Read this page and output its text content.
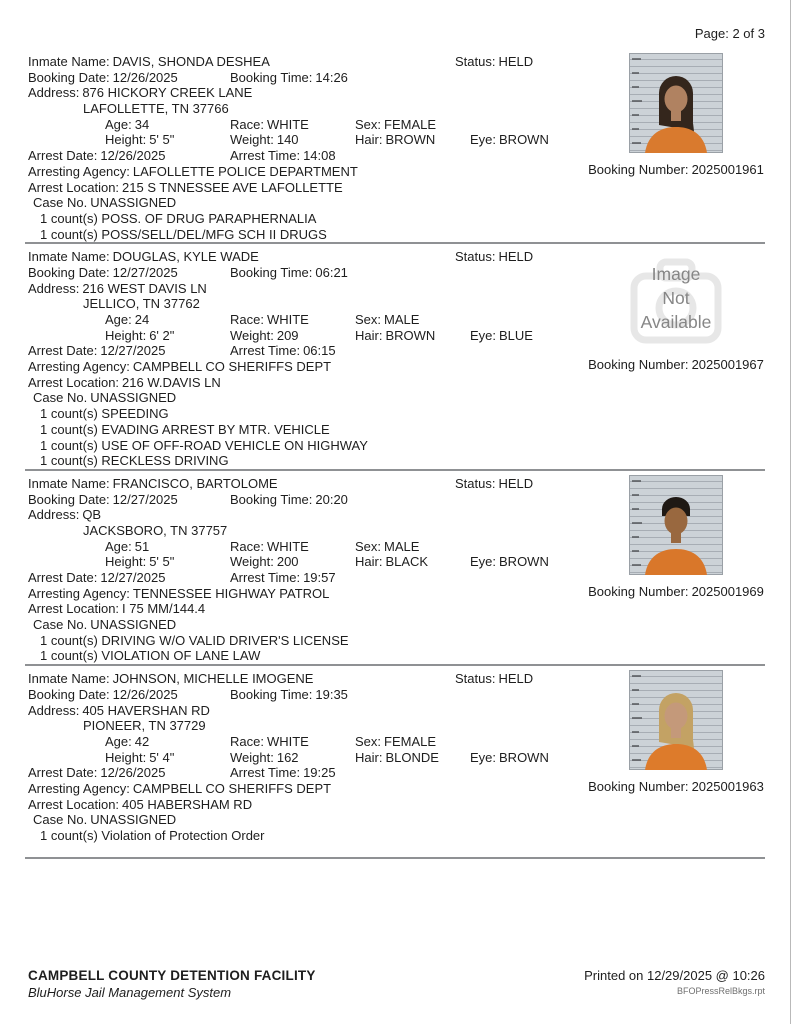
Page: 2 of 3
Inmate Name: DAVIS, SHONDA DESHEA	Status: HELD
Booking Date: 12/26/2025	Booking Time: 14:26
Address: 876 HICKORY CREEK LANE
LAFOLLETTE, TN 37766
Age: 34	Race: WHITE	Sex: FEMALE
Height: 5' 5"	Weight: 140	Hair: BROWN	Eye: BROWN
Arrest Date: 12/26/2025	Arrest Time: 14:08
Arresting Agency: LAFOLLETTE POLICE DEPARTMENT
Arrest Location: 215 S TNNESSEE AVE LAFOLLETTE
Case No. UNASSIGNED
1 count(s) POSS. OF DRUG PARAPHERNALIA
1 count(s) POSS/SELL/DEL/MFG SCH II DRUGS
Booking Number: 2025001961
Inmate Name: DOUGLAS, KYLE WADE	Status: HELD
Booking Date: 12/27/2025	Booking Time: 06:21
Address: 216 WEST DAVIS LN
JELLICO, TN 37762
Age: 24	Race: WHITE	Sex: MALE
Height: 6' 2"	Weight: 209	Hair: BROWN	Eye: BLUE
Arrest Date: 12/27/2025	Arrest Time: 06:15
Arresting Agency: CAMPBELL CO SHERIFFS DEPT
Arrest Location: 216 W.DAVIS LN
Case No. UNASSIGNED
1 count(s) SPEEDING
1 count(s) EVADING ARREST BY MTR. VEHICLE
1 count(s) USE OF OFF-ROAD VEHICLE ON HIGHWAY
1 count(s) RECKLESS DRIVING
Image
Not
Available
Booking Number: 2025001967
Inmate Name: FRANCISCO, BARTOLOME	Status: HELD
Booking Date: 12/27/2025	Booking Time: 20:20
Address: QB
JACKSBORO, TN 37757
Age: 51	Race: WHITE	Sex: MALE
Height: 5' 5"	Weight: 200	Hair: BLACK	Eye: BROWN
Arrest Date: 12/27/2025	Arrest Time: 19:57
Arresting Agency: TENNESSEE HIGHWAY PATROL
Arrest Location: I 75 MM/144.4
Case No. UNASSIGNED
1 count(s) DRIVING W/O VALID DRIVER'S LICENSE
1 count(s) VIOLATION OF LANE LAW
Booking Number: 2025001969
Inmate Name: JOHNSON, MICHELLE IMOGENE	Status: HELD
Booking Date: 12/26/2025	Booking Time: 19:35
Address: 405 HAVERSHAN RD
PIONEER, TN 37729
Age: 42	Race: WHITE	Sex: FEMALE
Height: 5' 4"	Weight: 162	Hair: BLONDE Eye: BROWN
Arrest Date: 12/26/2025	Arrest Time: 19:25
Arresting Agency: CAMPBELL CO SHERIFFS DEPT
Arrest Location: 405 HABERSHAM RD
Case No. UNASSIGNED
1 count(s) Violation of Protection Order
Booking Number: 2025001963
CAMPBELL COUNTY DETENTION FACILITY
BluHorse Jail Management System
Printed on 12/29/2025 @ 10:26
BFOPressRelBkgs.rpt
